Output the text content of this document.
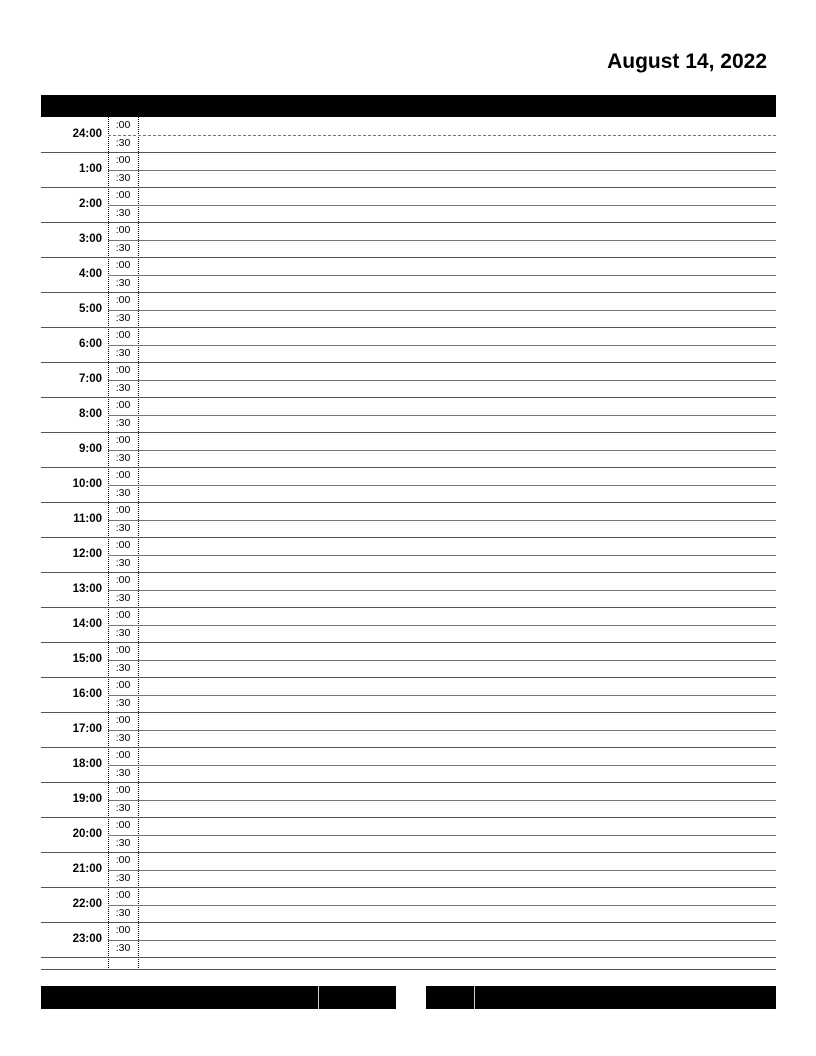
August 14, 2022
24:00
:00
:30
1:00
:00
:30
2:00
:00
:30
3:00
:00
:30
4:00
:00
:30
5:00
:00
:30
6:00
:00
:30
7:00
:00
:30
8:00
:00
:30
9:00
:00
:30
10:00
:00
:30
11:00
:00
:30
12:00
:00
:30
13:00
:00
:30
14:00
:00
:30
15:00
:00
:30
16:00
:00
:30
17:00
:00
:30
18:00
:00
:30
19:00
:00
:30
20:00
:00
:30
21:00
:00
:30
22:00
:00
:30
23:00
:00
:30
